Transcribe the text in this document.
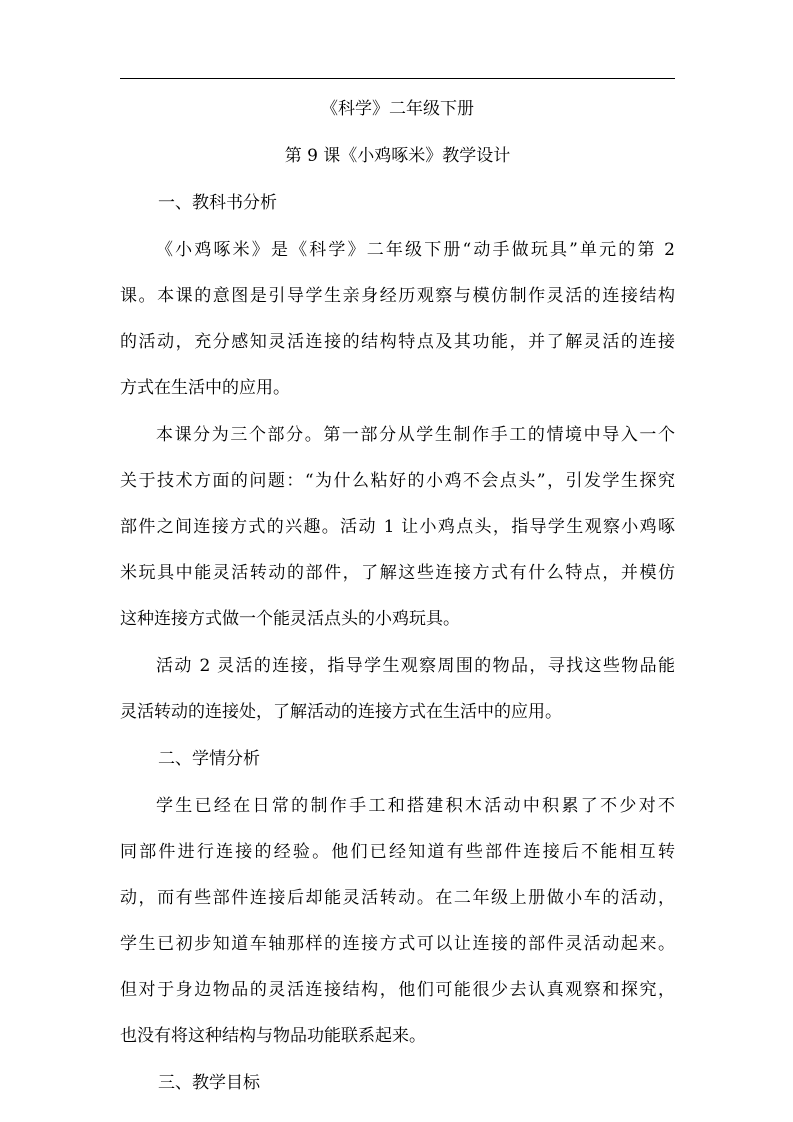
《科学》二年级下册

第 9 课《小鸡啄米》教学设计

一、教科书分析

《小鸡啄米》是《科学》二年级下册“动手做玩具”单元的第 2
课。本课的意图是引导学生亲身经历观察与模仿制作灵活的连接结构
的活动，充分感知灵活连接的结构特点及其功能，并了解灵活的连接
方式在生活中的应用。
本课分为三个部分。第一部分从学生制作手工的情境中导入一个
关于技术方面的问题：“为什么粘好的小鸡不会点头”，引发学生探究
部件之间连接方式的兴趣。活动 1 让小鸡点头，指导学生观察小鸡啄
米玩具中能灵活转动的部件，了解这些连接方式有什么特点，并模仿
这种连接方式做一个能灵活点头的小鸡玩具。
活动 2 灵活的连接，指导学生观察周围的物品，寻找这些物品能
灵活转动的连接处，了解活动的连接方式在生活中的应用。

二、学情分析

学生已经在日常的制作手工和搭建积木活动中积累了不少对不
同部件进行连接的经验。他们已经知道有些部件连接后不能相互转
动，而有些部件连接后却能灵活转动。在二年级上册做小车的活动，
学生已初步知道车轴那样的连接方式可以让连接的部件灵活动起来。
但对于身边物品的灵活连接结构，他们可能很少去认真观察和探究，
也没有将这种结构与物品功能联系起来。

三、教学目标
